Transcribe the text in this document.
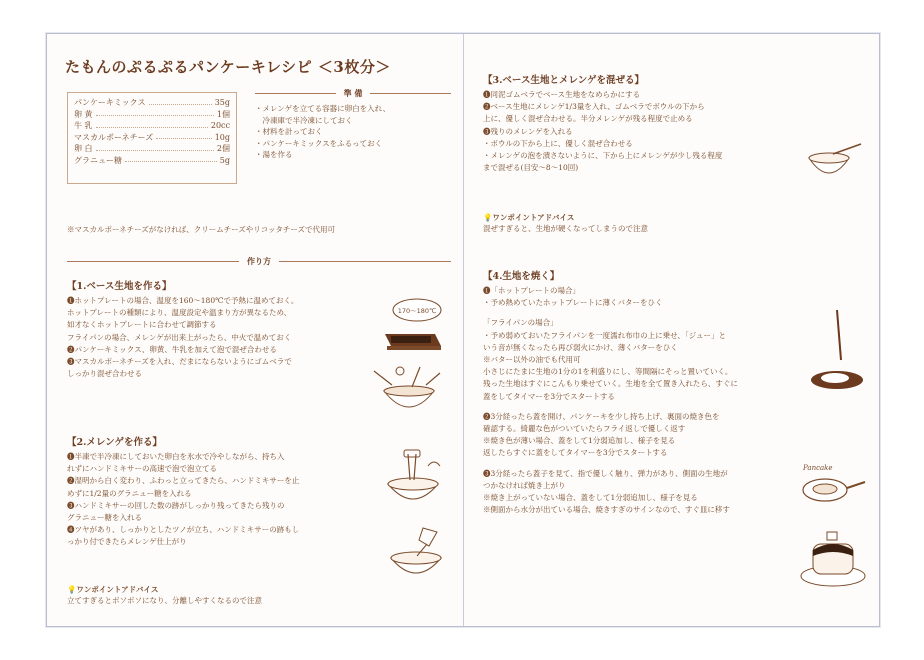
たもんのぷるぷるパンケーキレシピ ＜3枚分＞
パンケーキミックス	35g
卵 黄	1個
牛 乳	20cc
マスカルポーネチーズ	10g
卵 白	2個
グラニュー糖	5g
準 備
・メレンゲを立てる容器に卵白を入れ、
　冷凍庫で半冷凍にしておく
・材料を計っておく
・パンケーキミックスをふるっておく
・湯を作る
※マスカルポーネチーズがなければ、クリームチーズやリコッタチーズで代用可
作り方
【1.ベース生地を作る】
❶ホットプレートの場合、温度を160～180℃で予熱に温めておく。
ホットプレートの種類により、温度設定や温まり方が異なるため、
如才なくホットプレートに合わせて調節する
フライパンの場合、メレンゲが出来上がったら、中火で温めておく
❷パンケーキミックス、卵黄、牛乳を加えて泡で混ぜ合わせる
❸マスカルポーネチーズを入れ、だまにならないようにゴムベラで
しっかり混ぜ合わせる
【2.メレンゲを作る】
❶半凍で半冷凍にしておいた卵白を氷水で冷やしながら、持ち入
れずにハンドミキサーの高速で泡で泡立てる
❷湿明から白く変わり、ふわっと立ってきたら、ハンドミキサーを止
めずに1/2量のグラニュー糖を入れる
❸ハンドミキサーの回した数の跡がしっかり残ってきたら残りの
グラニュー糖を入れる
❹ツヤがあり、しっかりとしたツノが立ち、ハンドミキサーの跡もし
っかり付できたらメレンゲ仕上がり
💡ワンポイントアドバイス
立てすぎるとボソボソになり、分離しやすくなるので注意
170～180℃
【3.ベース生地とメレンゲを混ぜる】
❶同泥ゴムベラでベース生地をなめらかにする
❷ベース生地にメレンゲ1/3量を入れ、ゴムベラでボウルの下から
上に、優しく混ぜ合わせる。半分メレンゲが残る程度で止める
❸残りのメレンゲを入れる
・ボウルの下から上に、優しく混ぜ合わせる
・メレンゲの泡を潰さないように、下から上にメレンゲが少し残る程度
まで混ぜる(目安～8～10回)
💡ワンポイントアドバイス
混ぜすぎると、生地が硬くなってしまうので注意
【4.生地を焼く】
❶「ホットプレートの場合」
・予め熱めていたホットプレートに薄くバターをひく
「フライパンの場合」
・予め弱めておいたフライパンを一度濡れ布巾の上に乗せ、「ジュー」と
いう音が無くなったら再び弱火にかけ、薄くバターをひく
※バター以外の油でも代用可
小さじにたまに生地の1分の1を利盛りにし、等間隔にそっと置いていく。
残った生地はすぐにこんもり乗せていく。生地を全て置き入れたら、すぐに
蓋をしてタイマーを3分でスタートする
❷3分経ったら蓋を開け、パンケーキを少し持ち上げ、裏面の焼き色を
確認する。綺麗な色がついていたらフライ返しで優しく返す
※焼き色が薄い場合、蓋をして1分弱追加し、様子を見る
返したらすぐに蓋をしてタイマーを3分でスタートする
❸3分経ったら蓋子を見て、指で優しく触り、弾力があり、側面の生地が
つかなければ焼き上がり
※焼き上がっていない場合、蓋をして1分弱追加し、様子を見る
※側面から水分が出ている場合、焼きすぎのサインなので、すぐ皿に移す
Pancake
